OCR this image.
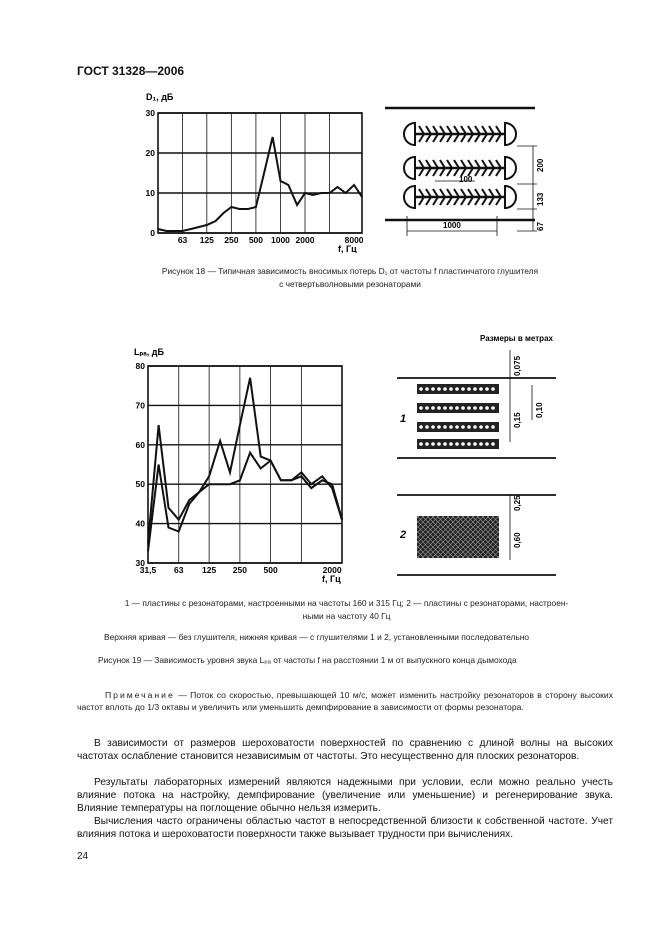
ГОСТ 31328—2006
0
10
20
30
63 125 250 500 1000 2000	8000
D₁, дБ
f, Гц
200
133
67
100
1000
Рисунок 18 — Типичная зависимость вносимых потерь D₁ от частоты f пластинчатого глушителя
с четвертьволновыми резонаторами
30
40
50
60
70
80
31,5 63 125 250 500	2000
Lₚₐ, дБ
f, Гц
Размеры в метрах
1
2
0,075
0,10
0,15
0,25
0,60
1 — пластины с резонаторами, настроенными на частоты 160 и 315 Гц; 2 — пластины с резонаторами, настроен-
ными на частоту 40 Гц
Верхняя кривая — без глушителя, нижняя кривая — с глушителями 1 и 2, установленными последовательно
Рисунок 19 — Зависимость уровня звука Lₚₐ от частоты f на расстоянии 1 м от выпускного конца дымохода
Примечание — Поток со скоростью, превышающей 10 м/с, может изменить настройку резонаторов в сторону высоких частот вплоть до 1/3 октавы и увеличить или уменьшить демпфирование в зависимости от формы резонатора.
В зависимости от размеров шероховатости поверхностей по сравнению с длиной волны на высоких частотах ослабление становится независимым от частоты. Это несущественно для плоских резонаторов.
Результаты лабораторных измерений являются надежными при условии, если можно реально учесть влияние потока на настройку, демпфирование (увеличение или уменьшение) и регенерирование звука. Влияние температуры на поглощение обычно нельзя измерить.
Вычисления часто ограничены областью частот в непосредственной близости к собственной частоте. Учет влияния потока и шероховатости поверхности также вызывает трудности при вычислениях.
24
